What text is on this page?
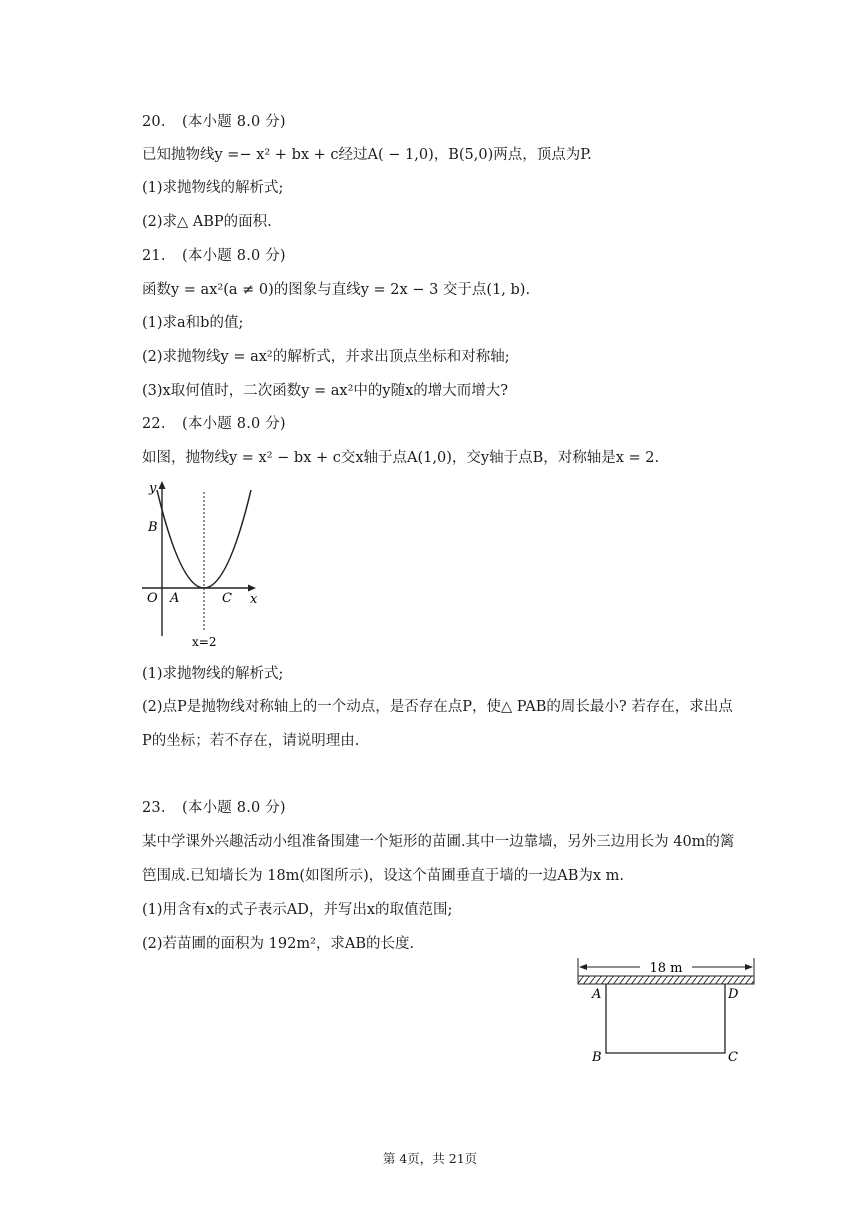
20. (本小题 8.0 分)
已知抛物线y =− x² + bx + c经过A( − 1,0)，B(5,0)两点，顶点为P.
(1)求抛物线的解析式;
(2)求△ ABP的面积.
21. (本小题 8.0 分)
函数y = ax²(a ≠ 0)的图象与直线y = 2x − 3 交于点(1, b).
(1)求a和b的值;
(2)求抛物线y = ax²的解析式，并求出顶点坐标和对称轴;
(3)x取何值时，二次函数y = ax²中的y随x的增大而增大?
22. (本小题 8.0 分)
如图，抛物线y = x² − bx + c交x轴于点A(1,0)，交y轴于点B，对称轴是x = 2.
y
B
O A	C x
x=2
(1)求抛物线的解析式;
(2)点P是抛物线对称轴上的一个动点，是否存在点P，使△ PAB的周长最小? 若存在，求出点
P的坐标；若不存在，请说明理由.
23. (本小题 8.0 分)
某中学课外兴趣活动小组准备围建一个矩形的苗圃.其中一边靠墙，另外三边用长为 40m的篱
笆围成.已知墙长为 18m(如图所示)，设这个苗圃垂直于墙的一边AB为x m.
(1)用含有x的式子表示AD，并写出x的取值范围;
(2)若苗圃的面积为 192m²，求AB的长度.
18 m
A	D
B	C
第 4页，共 21页
